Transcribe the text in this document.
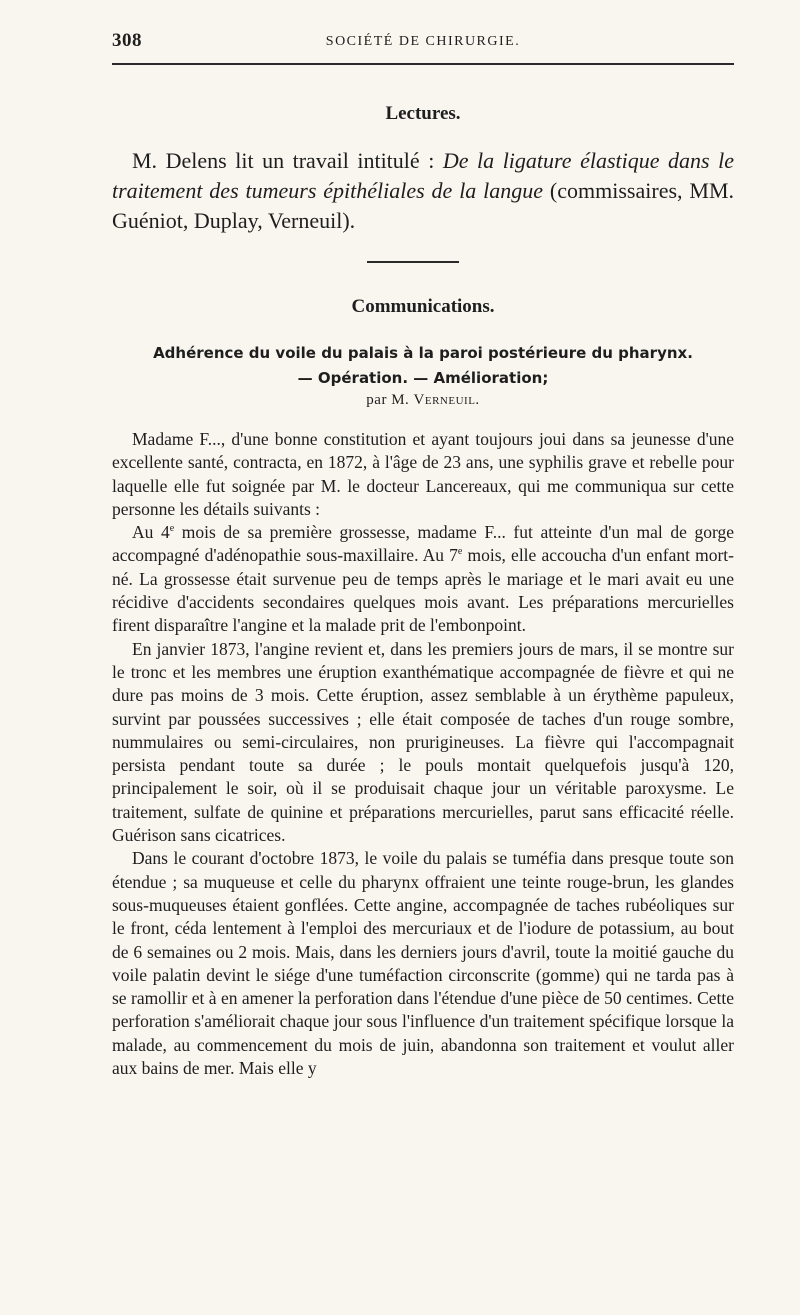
308	SOCIÉTÉ DE CHIRURGIE.
Lectures.

M. Delens lit un travail intitulé : De la ligature élastique dans le traitement des tumeurs épithéliales de la langue (commissaires, MM. Guéniot, Duplay, Verneuil).

Communications.

Adhérence du voile du palais à la paroi postérieure du pharynx.
— Opération. — Amélioration;

par M. Verneuil.

Madame F..., d'une bonne constitution et ayant toujours joui dans sa jeunesse d'une excellente santé, contracta, en 1872, à l'âge de 23 ans, une syphilis grave et rebelle pour laquelle elle fut soignée par M. le docteur Lancereaux, qui me communiqua sur cette personne les détails suivants :

Au 4e mois de sa première grossesse, madame F... fut atteinte d'un mal de gorge accompagné d'adénopathie sous-maxillaire. Au 7e mois, elle accoucha d'un enfant mort-né. La grossesse était survenue peu de temps après le mariage et le mari avait eu une récidive d'accidents secondaires quelques mois avant. Les préparations mercurielles firent disparaître l'angine et la malade prit de l'embonpoint.

En janvier 1873, l'angine revient et, dans les premiers jours de mars, il se montre sur le tronc et les membres une éruption exanthématique accompagnée de fièvre et qui ne dure pas moins de 3 mois. Cette éruption, assez semblable à un érythème papuleux, survint par poussées successives ; elle était composée de taches d'un rouge sombre, nummulaires ou semi-circulaires, non prurigineuses. La fièvre qui l'accompagnait persista pendant toute sa durée ; le pouls montait quelquefois jusqu'à 120, principalement le soir, où il se produisait chaque jour un véritable paroxysme. Le traitement, sulfate de quinine et préparations mercurielles, parut sans efficacité réelle. Guérison sans cicatrices.

Dans le courant d'octobre 1873, le voile du palais se tuméfia dans presque toute son étendue ; sa muqueuse et celle du pharynx offraient une teinte rouge-brun, les glandes sous-muqueuses étaient gonflées. Cette angine, accompagnée de taches rubéoliques sur le front, céda lentement à l'emploi des mercuriaux et de l'iodure de potassium, au bout de 6 semaines ou 2 mois. Mais, dans les derniers jours d'avril, toute la moitié gauche du voile palatin devint le siége d'une tuméfaction circonscrite (gomme) qui ne tarda pas à se ramollir et à en amener la perforation dans l'étendue d'une pièce de 50 centimes. Cette perforation s'améliorait chaque jour sous l'influence d'un traitement spécifique lorsque la malade, au commencement du mois de juin, abandonna son traitement et voulut aller aux bains de mer. Mais elle y
